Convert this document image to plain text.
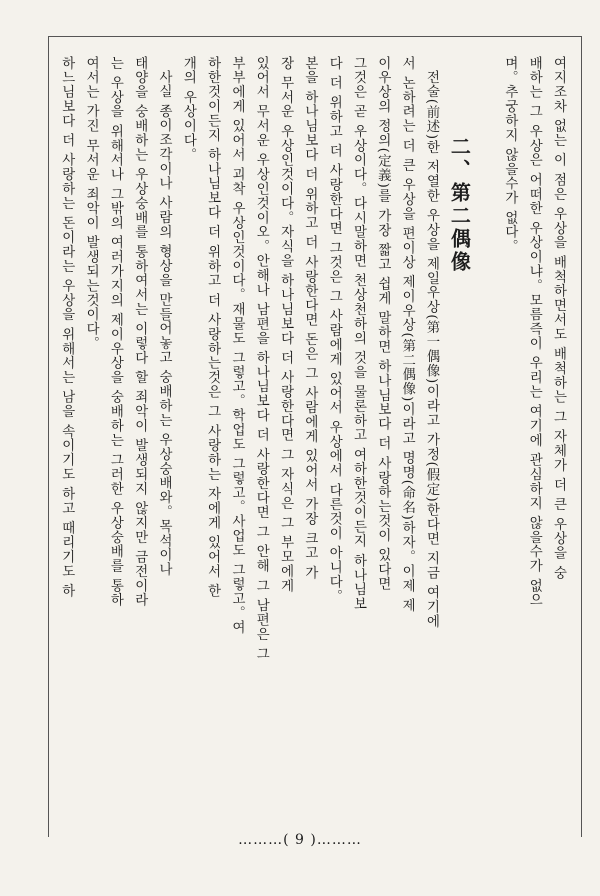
여지조차 없는 이 점은 우상을 배척하면서도 배척하는 그 자체가 더 큰 우상을 숭
배하는 그 우상은 어떠한 우상이냐。모름즉이 우리는 여기에 관심하지 않을수가 없으
며。추궁하지 않을수가 없다。
二、第二偶像
전술(前述)한 저열한 우상을 제일우상(第一偶像)이라고 가정(假定)한다면 지금 여기에
서 논하려는 더 큰 우상을 편이상 제이우상(第二偶像)이라고 명명(命名)하자。이제 제
이우상의 정의(定義)를 가장 짧고 쉽게 말하면 하나님보다 더 사랑하는것이 있다면
그것은 곧 우상이다。다시말하면 천상천하의 것을 물론하고 여하한것이든지 하나님보
다 더 위하고 더 사랑한다면 그것은 그 사람에게 있어서 우상에서 다른것이 아니다。
본을 하나님보다 더 위하고 더 사랑한다면 돈은 그 사람에게 있어서 가장 크고 가
장 무서운 우상인것이다。자식을 하나님보다 더 사랑한다면 그 자식은 그 부모에게
있어서 무서운 우상인것이오。안해나 남편을 하나님보다 더 사랑한다면 그 안해 그 남편은 그
부부에게 있어서 괴착 우상인것이다。재물도 그렇고。학업도 그렇고。사업도 그렇고。여
하한것이든지 하나님보다 더 위하고 더 사랑하는것은 그 사랑하는 자에게 있어서 한
개의 우상이다。
사실 종이조각이나 사람의 형상을 만들어놓고 숭배하는 우상숭배와。목석이나
태양을 숭배하는 우상숭배를 통하여서는 이렇다 할 죄악이 발생되지 않지만 금전이라
는 우상을 위해서나 그밖의 여러가지의 제이우상을 숭배하는 그러한 우상숭배를 통하
여서는 가진 무서운 죄악이 발생되는것이다。
하느님보다 더 사랑하는 돈이라는 우상을 위해서는 남을 속이기도 하고 때리기도 하
………( 9 )………
